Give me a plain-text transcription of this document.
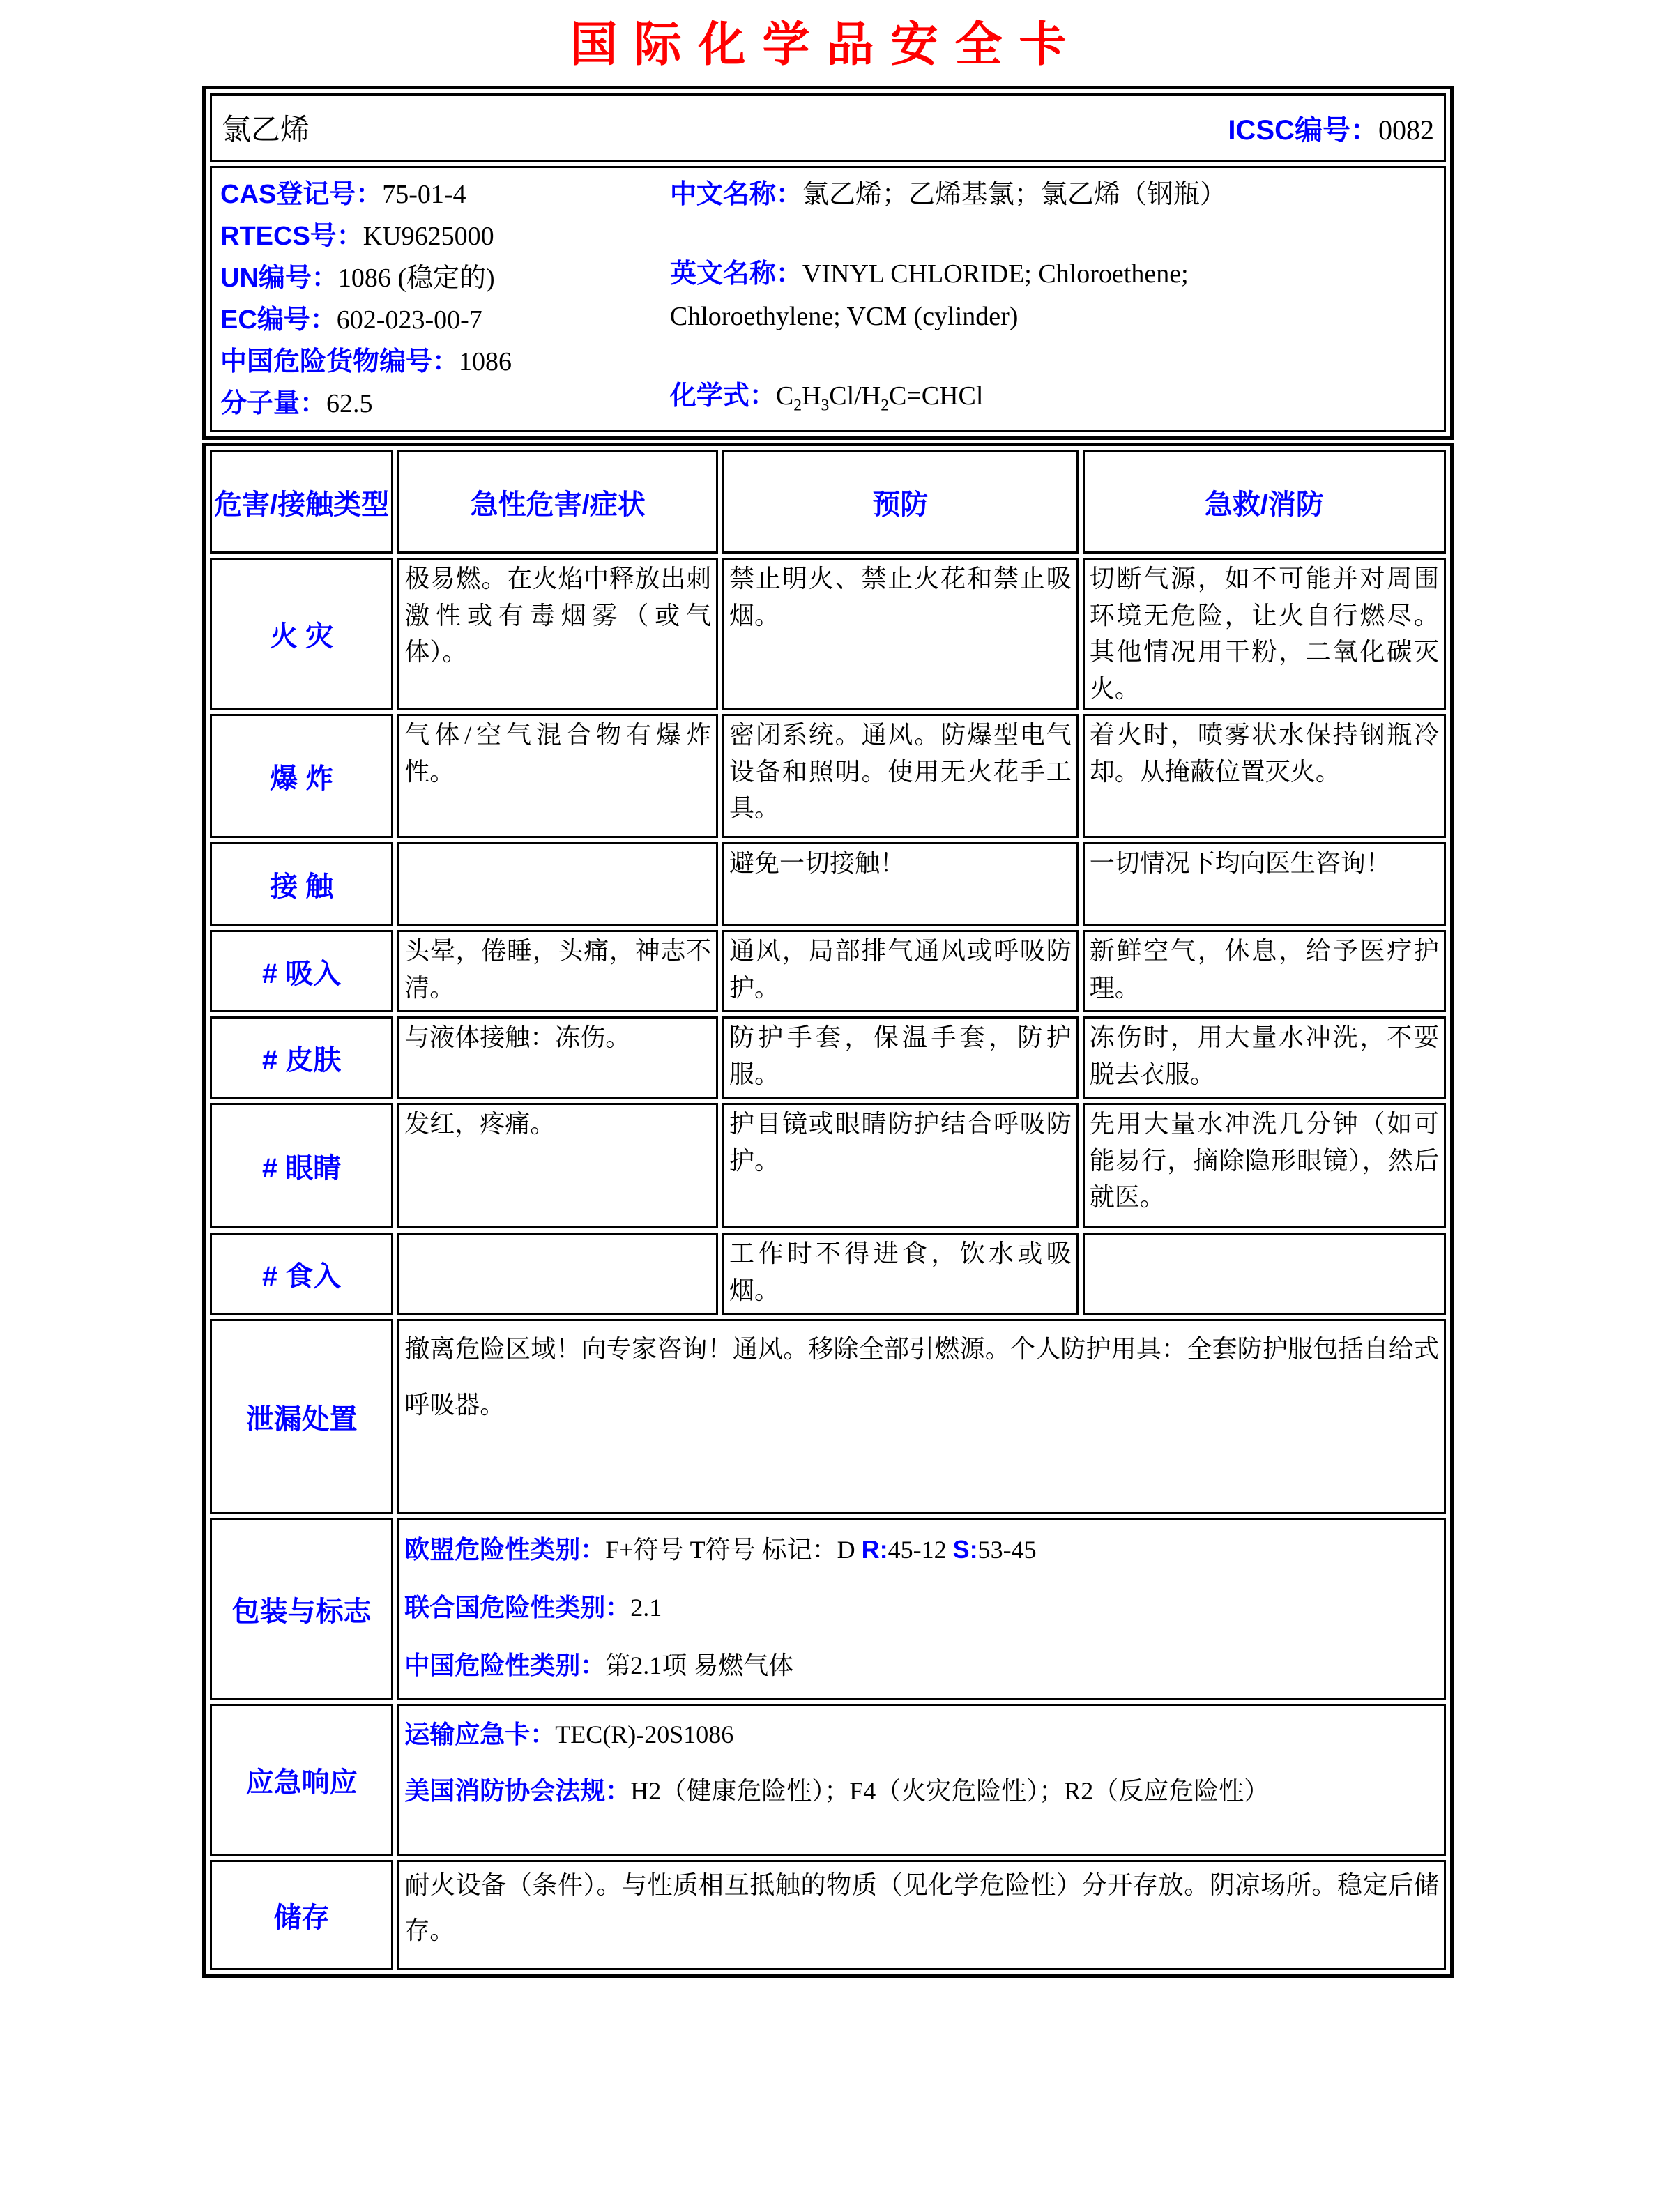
国际化学品安全卡
氯乙烯	ICSC编号：0082

CAS登记号：75-01-4
RTECS号：KU9625000
UN编号：1086 (稳定的)
EC编号：602-023-00-7
中国危险货物编号：1086
分子量：62.5
中文名称：氯乙烯；乙烯基氯；氯乙烯（钢瓶）
英文名称：VINYL CHLORIDE; Chloroethene; Chloroethylene; VCM (cylinder)
化学式：$C_2H_3Cl/H_2C=CHCl$
危害/接触类型	急性危害/症状	预防	急救/消防
火 灾	极易燃。在火焰中释放出刺激性或有毒烟雾（或气体）。	禁止明火、禁止火花和禁止吸烟。	切断气源，如不可能并对周围环境无危险，让火自行燃尽。其他情况用干粉，二氧化碳灭火。
爆 炸	气体/空气混合物有爆炸性。	密闭系统。通风。防爆型电气设备和照明。使用无火花手工具。	着火时，喷雾状水保持钢瓶冷却。从掩蔽位置灭火。
接 触		避免一切接触！	一切情况下均向医生咨询！
# 吸入	头晕，倦睡，头痛，神志不清。	通风，局部排气通风或呼吸防护。	新鲜空气，休息，给予医疗护理。
# 皮肤	与液体接触：冻伤。	防护手套，保温手套，防护服。	冻伤时，用大量水冲洗，不要脱去衣服。
# 眼睛	发红，疼痛。	护目镜或眼睛防护结合呼吸防护。	先用大量水冲洗几分钟（如可能易行，摘除隐形眼镜），然后就医。
# 食入		工作时不得进食，饮水或吸烟。	
泄漏处置	撤离危险区域！向专家咨询！通风。移除全部引燃源。个人防护用具：全套防护服包括自给式呼吸器。		
包装与标志	欧盟危险性类别：F+符号 T符号 标记：D R:45-12 S:53-45
联合国危险性类别：2.1
中国危险性类别：第2.1项 易燃气体		

应急响应	运输应急卡：TEC(R)-20S1086
美国消防协会法规：H2（健康危险性）；F4（火灾危险性）；R2（反应危险性）		

储存	耐火设备（条件）。与性质相互抵触的物质（见化学危险性）分开存放。阴凉场所。稳定后储存。		
